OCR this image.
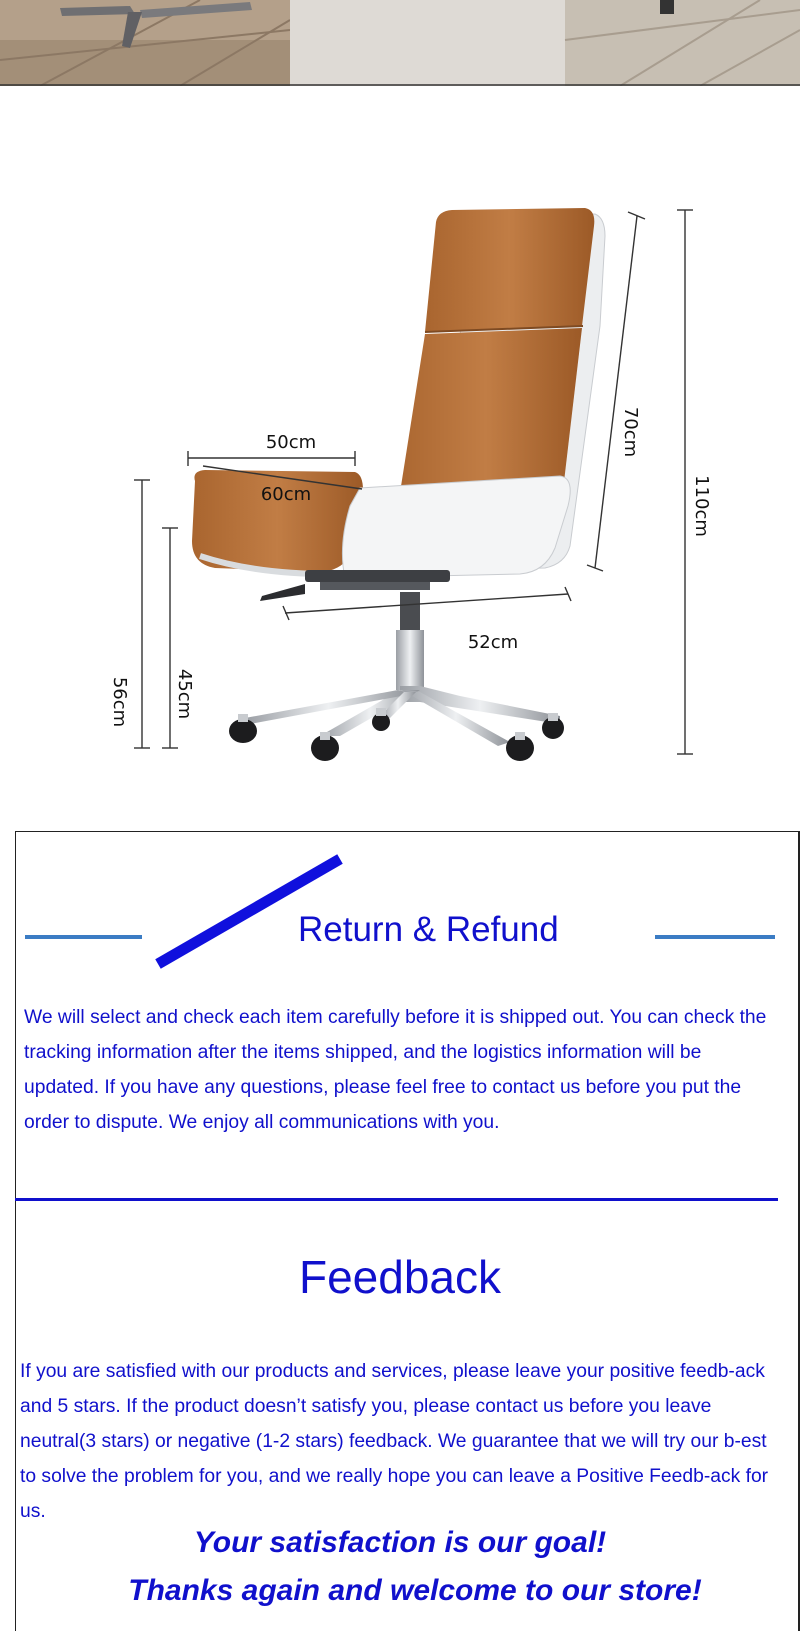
50cm
60cm
52cm
70cm
110cm
56cm 45cm
Return & Refund
We will select and check each item carefully before it is shipped out. You can check the tracking information after the items shipped, and the logistics information will be updated. If you have any questions, please feel free to contact us before you put the order to dispute. We enjoy all communications with you.
Feedback
If you are satisfied with our products and services, please leave your positive feedb-ack and 5 stars. If the product doesn’t satisfy you, please contact us before you leave neutral(3 stars) or negative (1-2 stars) feedback. We guarantee that we will try our b-est to solve the problem for you, and we really hope you can leave a Positive Feedb-ack for us.
Your satisfaction is our goal!
Thanks again and welcome to our store!
